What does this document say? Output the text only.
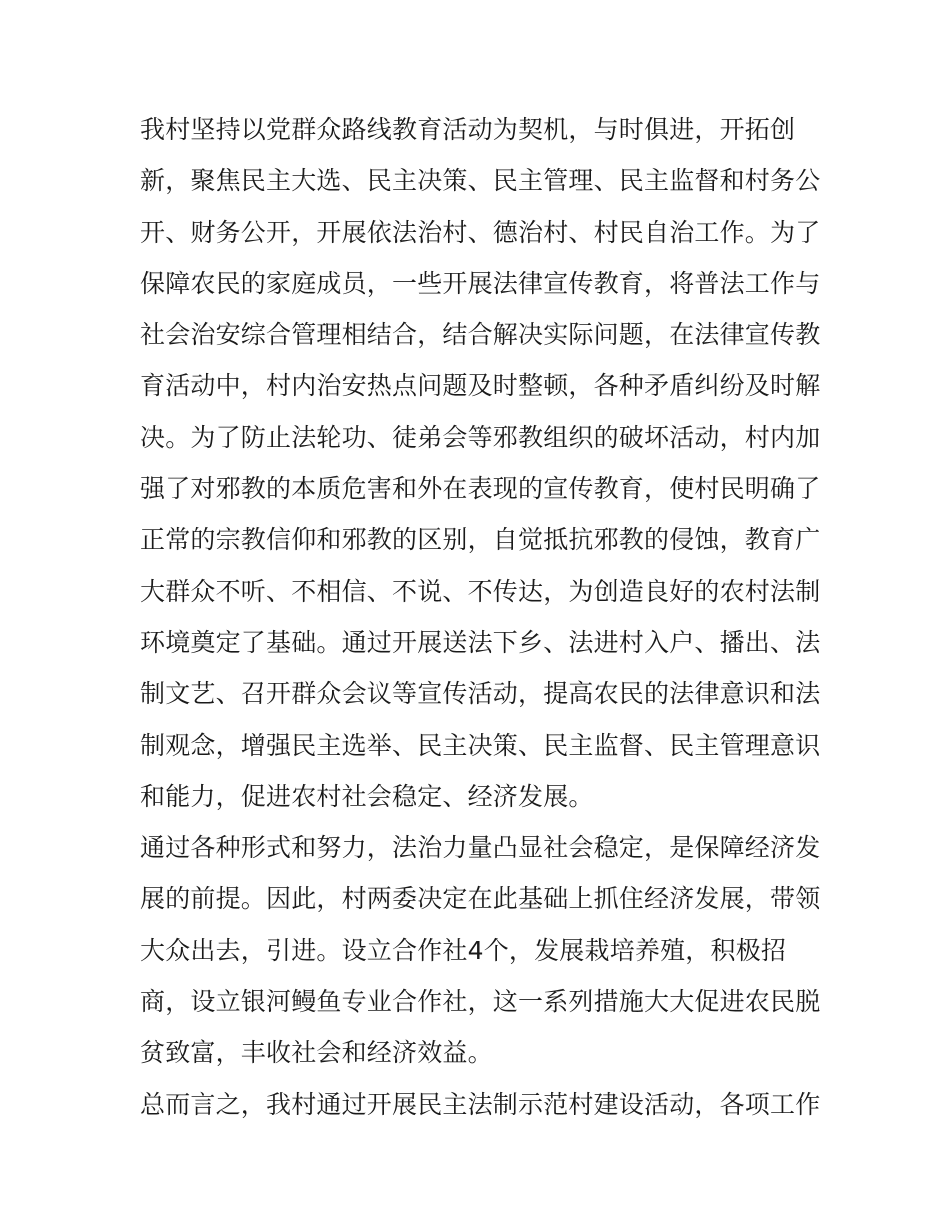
我村坚持以党群众路线教育活动为契机，与时俱进，开拓创

新，聚焦民主大选、民主决策、民主管理、民主监督和村务公

开、财务公开，开展依法治村、德治村、村民自治工作。为了

保障农民的家庭成员，一些开展法律宣传教育，将普法工作与

社会治安综合管理相结合，结合解决实际问题，在法律宣传教

育活动中，村内治安热点问题及时整顿，各种矛盾纠纷及时解

决。为了防止法轮功、徒弟会等邪教组织的破坏活动，村内加

强了对邪教的本质危害和外在表现的宣传教育，使村民明确了

正常的宗教信仰和邪教的区别，自觉抵抗邪教的侵蚀，教育广

大群众不听、不相信、不说、不传达，为创造良好的农村法制

环境奠定了基础。通过开展送法下乡、法进村入户、播出、法

制文艺、召开群众会议等宣传活动，提高农民的法律意识和法

制观念，增强民主选举、民主决策、民主监督、民主管理意识

和能力，促进农村社会稳定、经济发展。

通过各种形式和努力，法治力量凸显社会稳定，是保障经济发

展的前提。因此，村两委决定在此基础上抓住经济发展，带领

大众出去，引进。设立合作社4个，发展栽培养殖，积极招

商，设立银河鳗鱼专业合作社，这一系列措施大大促进农民脱

贫致富，丰收社会和经济效益。

总而言之，我村通过开展民主法制示范村建设活动，各项工作
